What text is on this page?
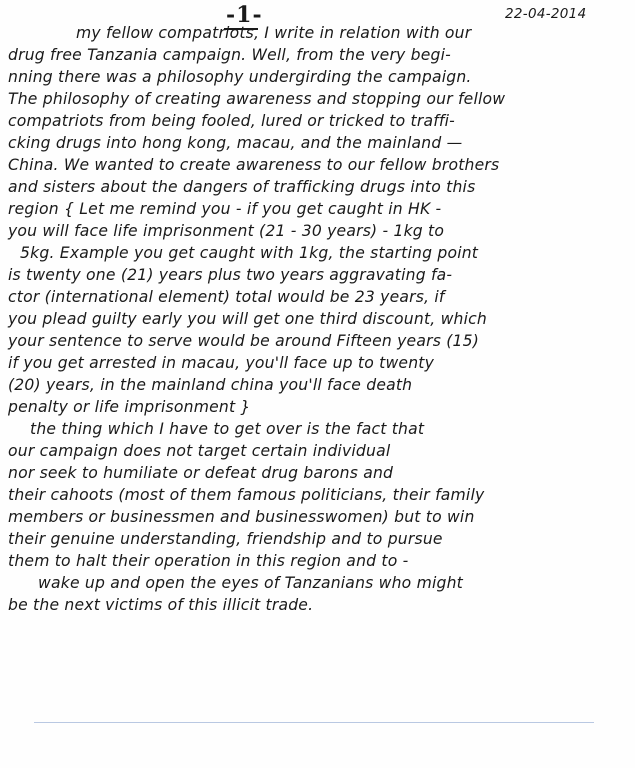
-1-	22-04-2014
my fellow compatriots, I write in relation with our
drug free Tanzania campaign. Well, from the very begi-
nning there was a philosophy undergirding the campaign.
The philosophy of creating awareness and stopping our fellow
compatriots from being fooled, lured or tricked to traffi-
cking drugs into hong kong, macau, and the mainland —
China. We wanted to create awareness to our fellow brothers
and sisters about the dangers of trafficking drugs into this
region { Let me remind you - if you get caught in HK -
you will face life imprisonment (21 - 30 years) - 1kg to
5kg. Example you get caught with 1kg, the starting point
is twenty one (21) years plus two years aggravating fa-
ctor (international element) total would be 23 years, if
you plead guilty early you will get one third discount, which
your sentence to serve would be around Fifteen years (15)
if you get arrested in macau, you'll face up to twenty
(20) years, in the mainland china you'll face death
penalty or life imprisonment }
the thing which I have to get over is the fact that
our campaign does not target certain individual
nor seek to humiliate or defeat drug barons and
their cahoots (most of them famous politicians, their family
members or businessmen and businesswomen) but to win
their genuine understanding, friendship and to pursue
them to halt their operation in this region and to -
wake up and open the eyes of Tanzanians who might
be the next victims of this illicit trade.
